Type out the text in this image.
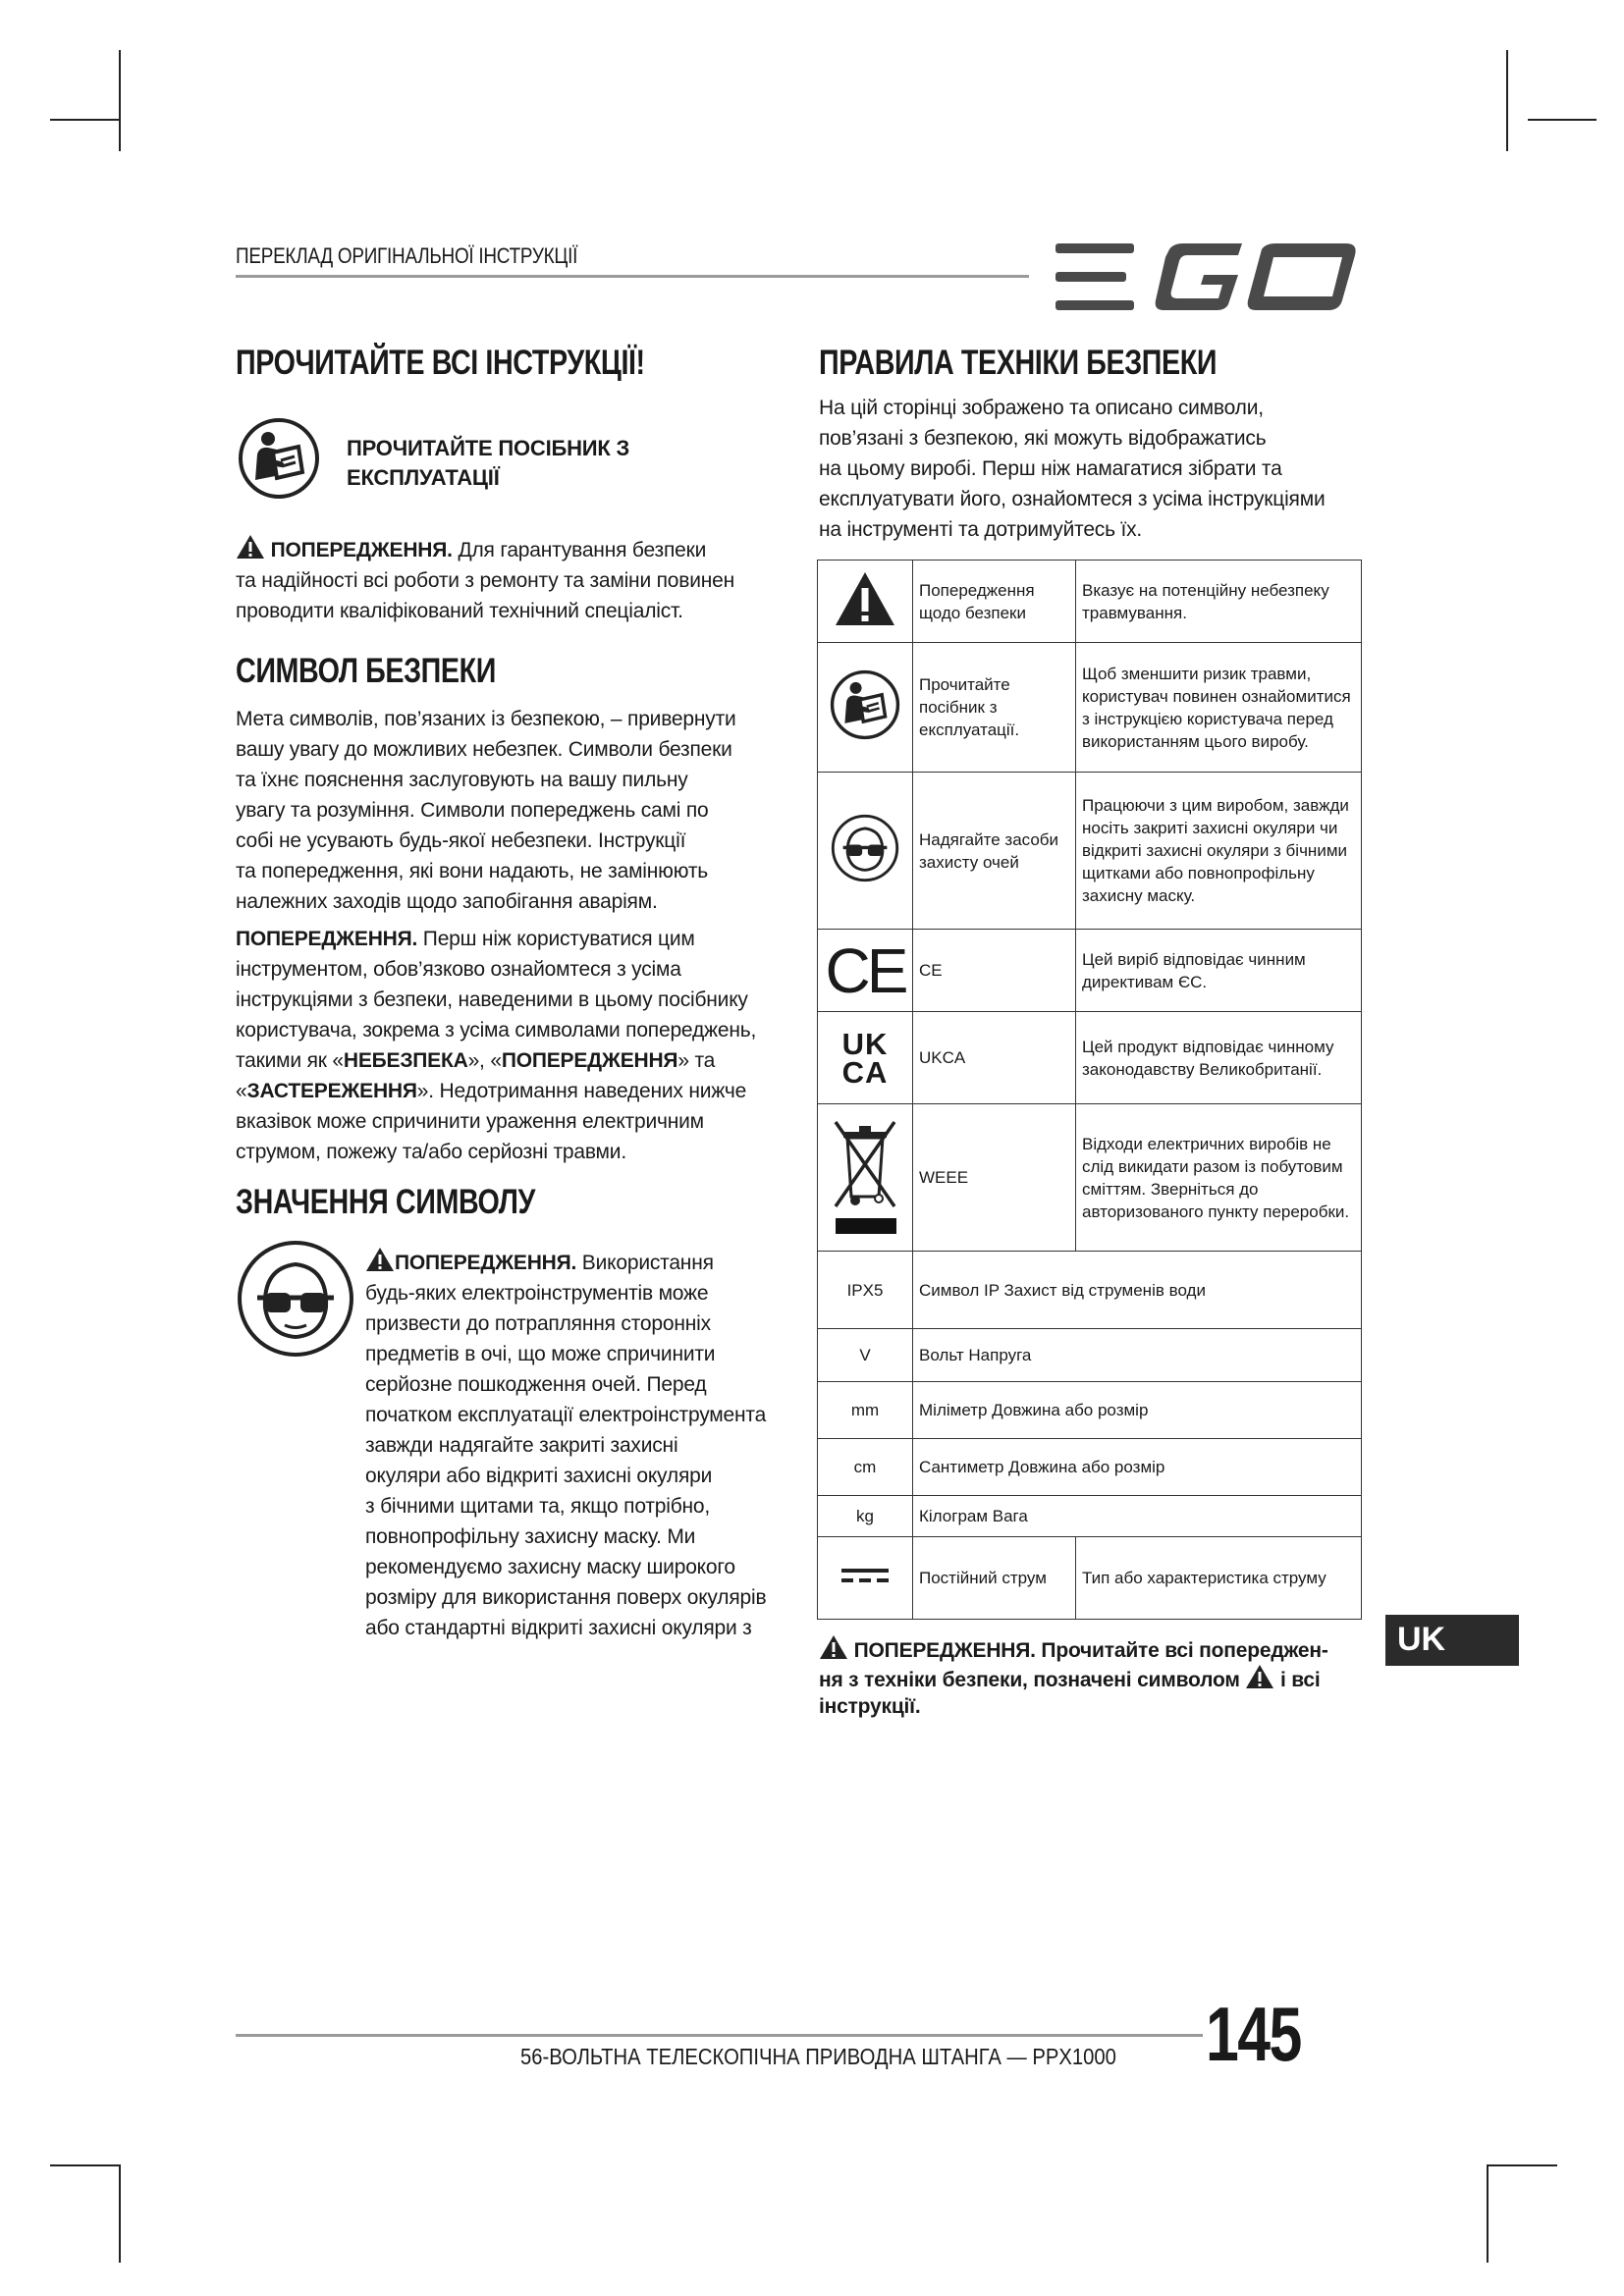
ПЕРЕКЛАД ОРИГІНАЛЬНОЇ ІНСТРУКЦІЇ
ПРОЧИТАЙТЕ ВСІ ІНСТРУКЦІЇ!
ПРОЧИТАЙТЕ ПОСІБНИК З
ЕКСПЛУАТАЦІЇ
ПОПЕРЕДЖЕННЯ. Для гарантування безпеки
та надійності всі роботи з ремонту та заміни повинен
проводити кваліфікований технічний спеціаліст.
СИМВОЛ БЕЗПЕКИ
Мета символів, пов’язаних із безпекою, – привернути
вашу увагу до можливих небезпек. Символи безпеки
та їхнє пояснення заслуговують на вашу пильну
увагу та розуміння. Символи попереджень самі по
собі не усувають будь-якої небезпеки. Інструкції
та попередження, які вони надають, не замінюють
належних заходів щодо запобігання аваріям.
ПОПЕРЕДЖЕННЯ. Перш ніж користуватися цим
інструментом, обов’язково ознайомтеся з усіма
інструкціями з безпеки, наведеними в цьому посібнику
користувача, зокрема з усіма символами попереджень,
такими як «НЕБЕЗПЕКА», «ПОПЕРЕДЖЕННЯ» та
«ЗАСТЕРЕЖЕННЯ». Недотримання наведених нижче
вказівок може спричинити ураження електричним
струмом, пожежу та/або серйозні травми.
ЗНАЧЕННЯ СИМВОЛУ
ПОПЕРЕДЖЕННЯ. Використання
будь-яких електроінструментів може
призвести до потрапляння сторонніх
предметів в очі, що може спричинити
серйозне пошкодження очей. Перед
початком експлуатації електроінструмента
завжди надягайте закриті захисні
окуляри або відкриті захисні окуляри
з бічними щитами та, якщо потрібно,
повнопрофільну захисну маску. Ми
рекомендуємо захисну маску широкого
розміру для використання поверх окулярів
або стандартні відкриті захисні окуляри з
ПРАВИЛА ТЕХНІКИ БЕЗПЕКИ
На цій сторінці зображено та описано символи,
пов’язані з безпекою, які можуть відображатись
на цьому виробі. Перш ніж намагатися зібрати та
експлуатувати його, ознайомтеся з усіма інструкціями
на інструменті та дотримуйтесь їх.
	Попередження щодо безпеки	Вказує на потенційну небезпеку травмування.
	Прочитайте посібник з експлуатації.	Щоб зменшити ризик травми, користувач повинен ознайомитися з інструкцією користувача перед використанням цього виробу.
	Надягайте засоби захисту очей	Працюючи з цим виробом, завжди носіть закриті захисні окуляри чи відкриті захисні окуляри з бічними щитками або повнопрофільну захисну маску.
CE	CE	Цей виріб відповідає чинним директивам ЄС.

UK
CA	UKCA	Цей продукт відповідає чинному законодавству Великобританії.
	WEEE	Відходи електричних виробів не слід викидати разом із побутовим сміттям. Зверніться до авторизованого пункту переробки.
IPX5	Символ IP Захист від струменів води	
V	Вольт Напруга	
mm	Міліметр Довжина або розмір	
cm	Сантиметр Довжина або розмір	
kg	Кілограм Вага	
	Постійний струм	Тип або характеристика струму
ПОПЕРЕДЖЕННЯ. Прочитайте всі попереджен-
ня з техніки безпеки, позначені символом і всі
інструкції.
UK
56-ВОЛЬТНА ТЕЛЕСКОПІЧНА ПРИВОДНА ШТАНГА — PPX1000 145
